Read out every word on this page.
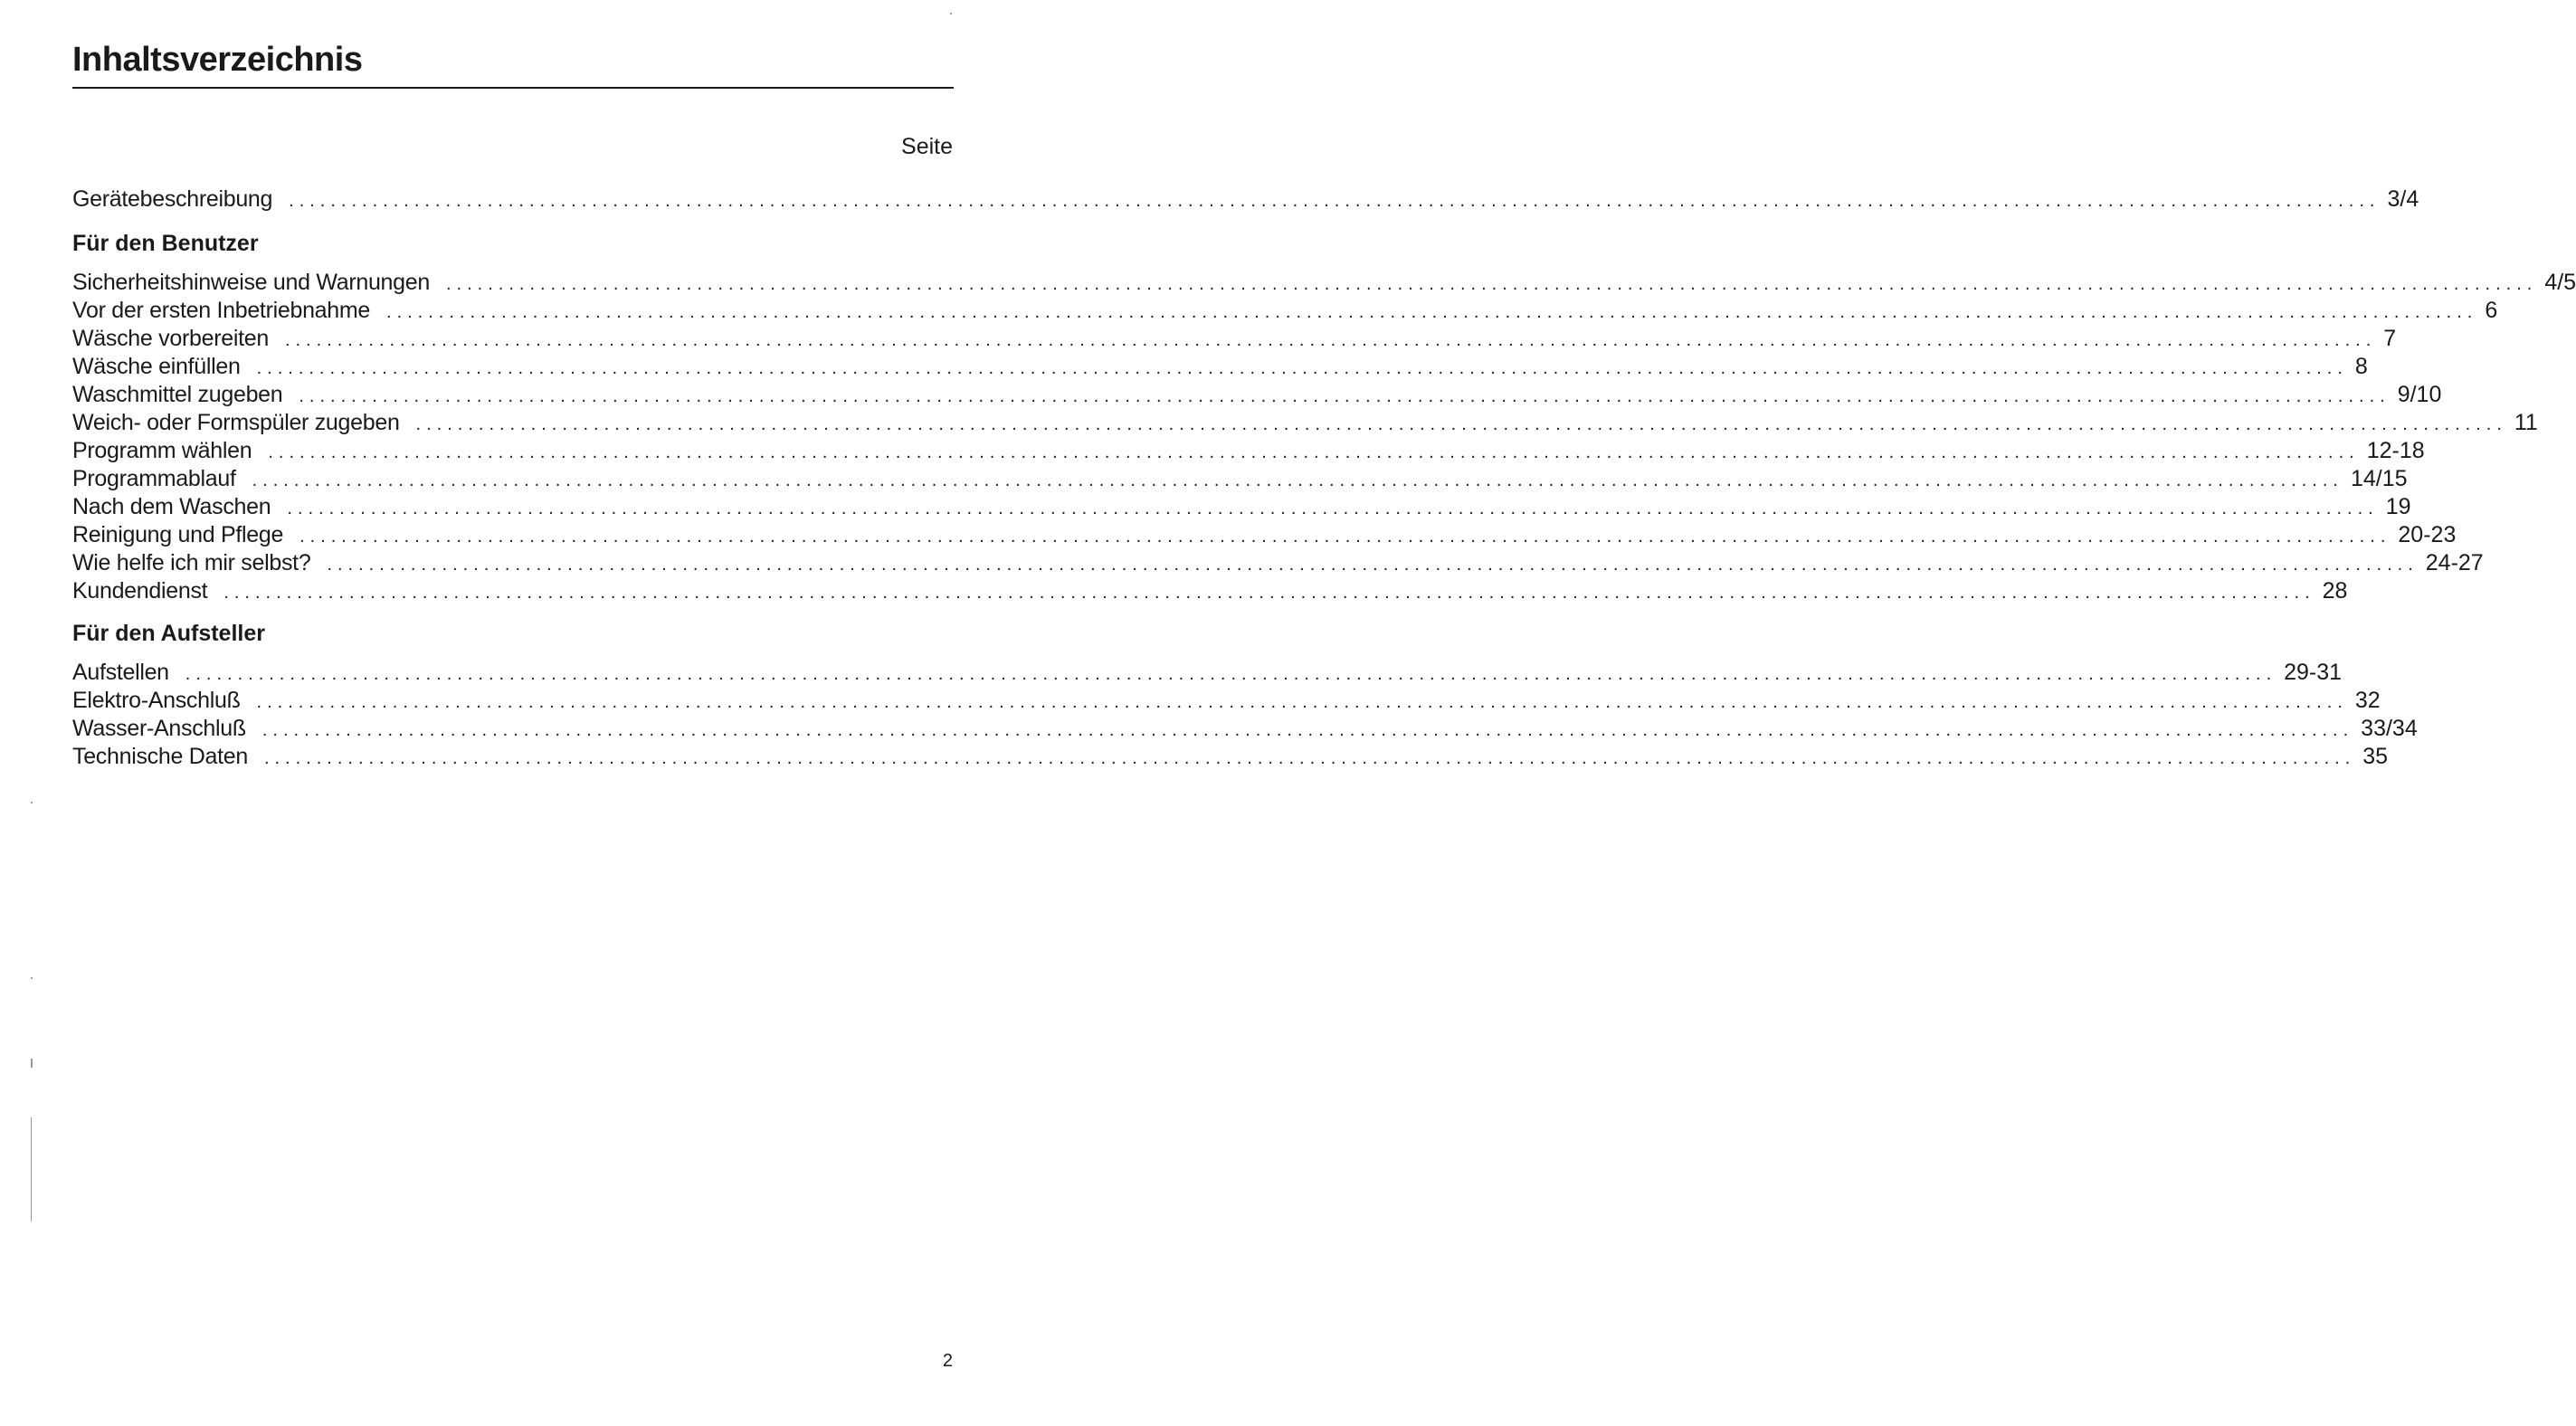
Inhaltsverzeichnis
Seite
Gerätebeschreibung ........................................................................................................................................................................................................ 3/4
Für den Benutzer
Sicherheitshinweise und Warnungen ........................................................................................................................................................................................................ 4/5
Vor der ersten Inbetriebnahme ........................................................................................................................................................................................................ 6
Wäsche vorbereiten ........................................................................................................................................................................................................ 7
Wäsche einfüllen ........................................................................................................................................................................................................ 8
Waschmittel zugeben ........................................................................................................................................................................................................ 9/10
Weich- oder Formspüler zugeben ........................................................................................................................................................................................................ 11
Programm wählen ........................................................................................................................................................................................................ 12-18
Programmablauf ........................................................................................................................................................................................................ 14/15
Nach dem Waschen ........................................................................................................................................................................................................ 19
Reinigung und Pflege ........................................................................................................................................................................................................ 20-23
Wie helfe ich mir selbst? ........................................................................................................................................................................................................ 24-27
Kundendienst ........................................................................................................................................................................................................ 28
Für den Aufsteller
Aufstellen ........................................................................................................................................................................................................ 29-31
Elektro-Anschluß ........................................................................................................................................................................................................ 32
Wasser-Anschluß ........................................................................................................................................................................................................ 33/34
Technische Daten ........................................................................................................................................................................................................ 35
2
